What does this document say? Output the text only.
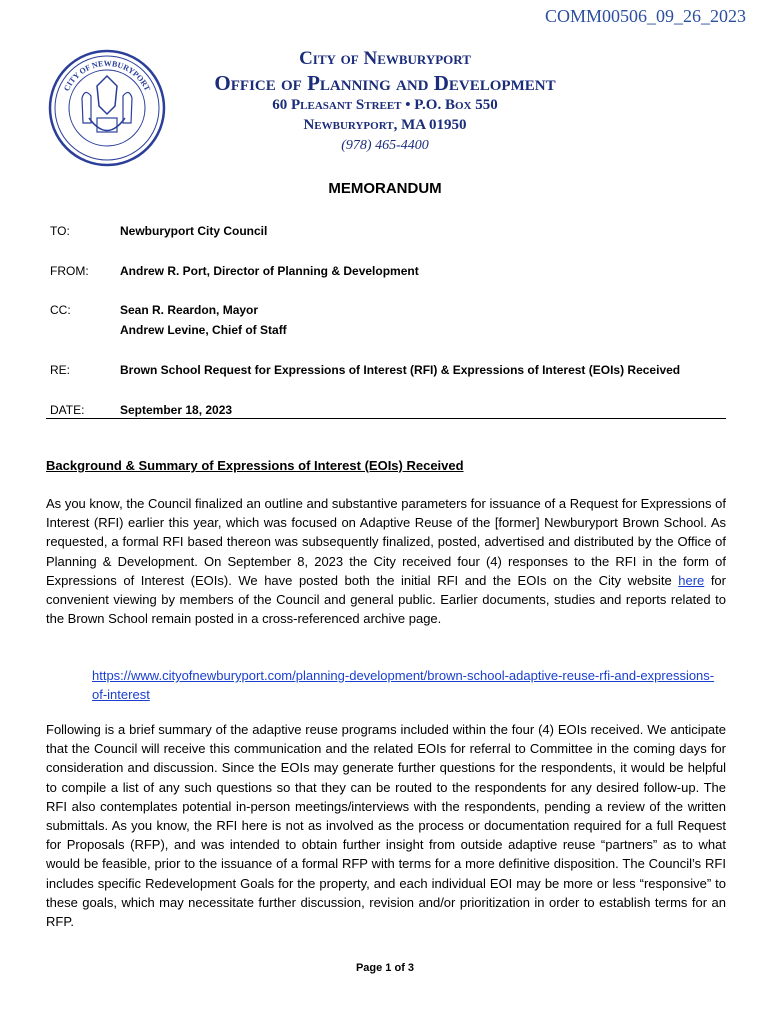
COMM00506_09_26_2023
CITY OF NEWBURYPORT
City of Newburyport
Office of Planning and Development
60 Pleasant Street • P.O. Box 550
Newburyport, MA 01950
(978) 465-4400
MEMORANDUM
TO:	Newburyport City Council
FROM:	Andrew R. Port, Director of Planning & Development
CC:	Sean R. Reardon, Mayor
Andrew Levine, Chief of Staff
RE:	Brown School Request for Expressions of Interest (RFI) & Expressions of Interest (EOIs) Received
DATE:	September 18, 2023
Background & Summary of Expressions of Interest (EOIs) Received
As you know, the Council finalized an outline and substantive parameters for issuance of a Request for Expressions of Interest (RFI) earlier this year, which was focused on Adaptive Reuse of the [former] Newburyport Brown School. As requested, a formal RFI based thereon was subsequently finalized, posted, advertised and distributed by the Office of Planning & Development. On September 8, 2023 the City received four (4) responses to the RFI in the form of Expressions of Interest (EOIs). We have posted both the initial RFI and the EOIs on the City website here for convenient viewing by members of the Council and general public. Earlier documents, studies and reports related to the Brown School remain posted in a cross-referenced archive page.
https://www.cityofnewburyport.com/planning-development/brown-school-adaptive-reuse-rfi-and-expressions-of-interest
Following is a brief summary of the adaptive reuse programs included within the four (4) EOIs received. We anticipate that the Council will receive this communication and the related EOIs for referral to Committee in the coming days for consideration and discussion. Since the EOIs may generate further questions for the respondents, it would be helpful to compile a list of any such questions so that they can be routed to the respondents for any desired follow-up. The RFI also contemplates potential in-person meetings/interviews with the respondents, pending a review of the written submittals. As you know, the RFI here is not as involved as the process or documentation required for a full Request for Proposals (RFP), and was intended to obtain further insight from outside adaptive reuse “partners” as to what would be feasible, prior to the issuance of a formal RFP with terms for a more definitive disposition. The Council’s RFI includes specific Redevelopment Goals for the property, and each individual EOI may be more or less “responsive” to these goals, which may necessitate further discussion, revision and/or prioritization in order to establish terms for an RFP.
Page 1 of 3
